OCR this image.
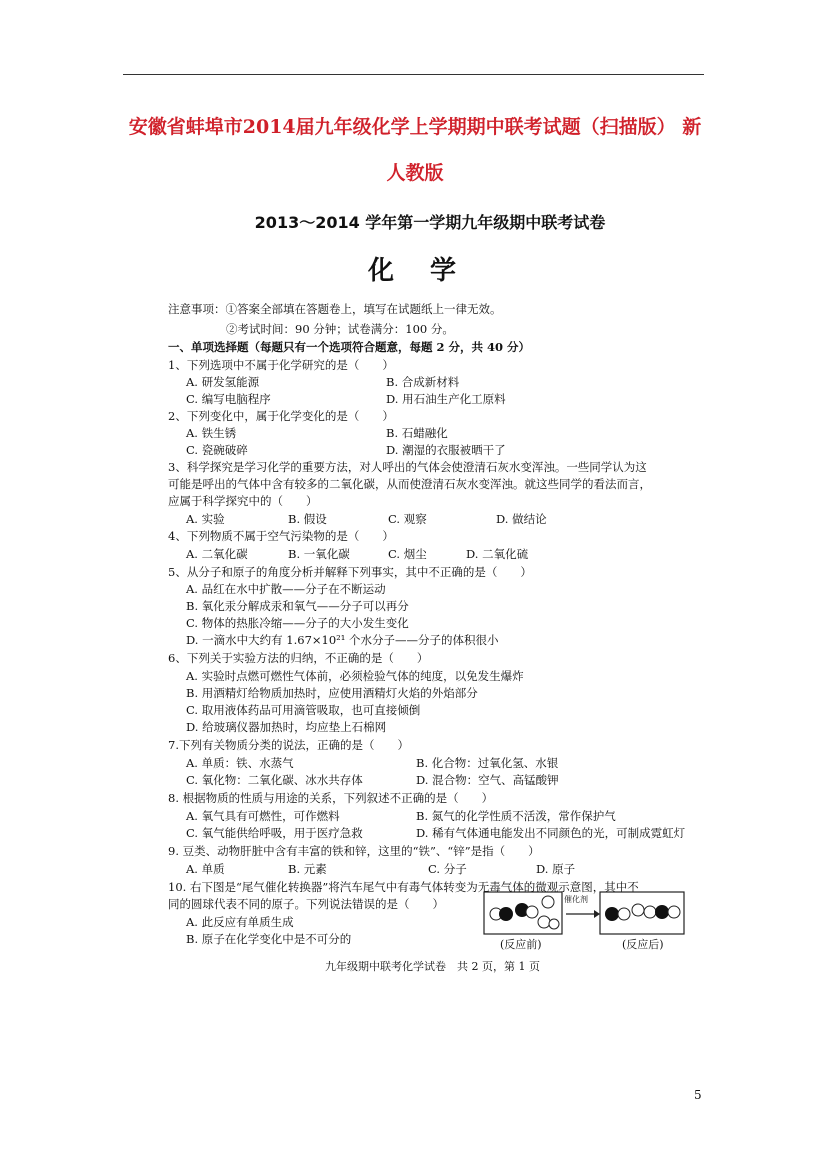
安徽省蚌埠市2014届九年级化学上学期期中联考试题（扫描版） 新
人教版
2013～2014 学年第一学期九年级期中联考试卷
化学
注意事项：①答案全部填在答题卷上，填写在试题纸上一律无效。
②考试时间：90 分钟；试卷满分：100 分。
一、单项选择题（每题只有一个选项符合题意，每题 2 分，共 40 分）
1、下列选项中不属于化学研究的是（　　）
A. 研发氢能源	B. 合成新材料
C. 编写电脑程序	D. 用石油生产化工原料
2、下列变化中，属于化学变化的是（　　）
A. 铁生锈	B. 石蜡融化
C. 瓷碗破碎	D. 潮湿的衣服被晒干了
3、科学探究是学习化学的重要方法，对人呼出的气体会使澄清石灰水变浑浊。一些同学认为这
可能是呼出的气体中含有较多的二氧化碳，从而使澄清石灰水变浑浊。就这些同学的看法而言，
应属于科学探究中的（　　）
A. 实验	B. 假设	C. 观察	D. 做结论
4、下列物质不属于空气污染物的是（　　）
A. 二氧化碳	B. 一氧化碳	C. 烟尘	D. 二氧化硫
5、从分子和原子的角度分析并解释下列事实，其中不正确的是（　　）
A. 品红在水中扩散——分子在不断运动
B. 氧化汞分解成汞和氧气——分子可以再分
C. 物体的热胀冷缩——分子的大小发生变化
D. 一滴水中大约有 1.67×10²¹ 个水分子——分子的体积很小
6、下列关于实验方法的归纳，不正确的是（　　）
A. 实验时点燃可燃性气体前，必须检验气体的纯度，以免发生爆炸
B. 用酒精灯给物质加热时，应使用酒精灯火焰的外焰部分
C. 取用液体药品可用滴管吸取，也可直接倾倒
D. 给玻璃仪器加热时，均应垫上石棉网
7.下列有关物质分类的说法，正确的是（　　）
A. 单质：铁、水蒸气	B. 化合物：过氧化氢、水银
C. 氧化物：二氧化碳、冰水共存体	D. 混合物：空气、高锰酸钾
8. 根据物质的性质与用途的关系，下列叙述不正确的是（　　）
A. 氧气具有可燃性，可作燃料	B. 氮气的化学性质不活泼，常作保护气
C. 氧气能供给呼吸，用于医疗急救	D. 稀有气体通电能发出不同颜色的光，可制成霓虹灯
9. 豆类、动物肝脏中含有丰富的铁和锌，这里的“铁”、“锌”是指（　　）
A. 单质	B. 元素	C. 分子	D. 原子
10. 右下图是“尾气催化转换器”将汽车尾气中有毒气体转变为无毒气体的微观示意图，其中不
同的圆球代表不同的原子。下列说法错误的是（　　）
A. 此反应有单质生成
B. 原子在化学变化中是不可分的
催化剂
(反应前)	(反应后)
九年级期中联考化学试卷　共 2 页，第 1 页
5
